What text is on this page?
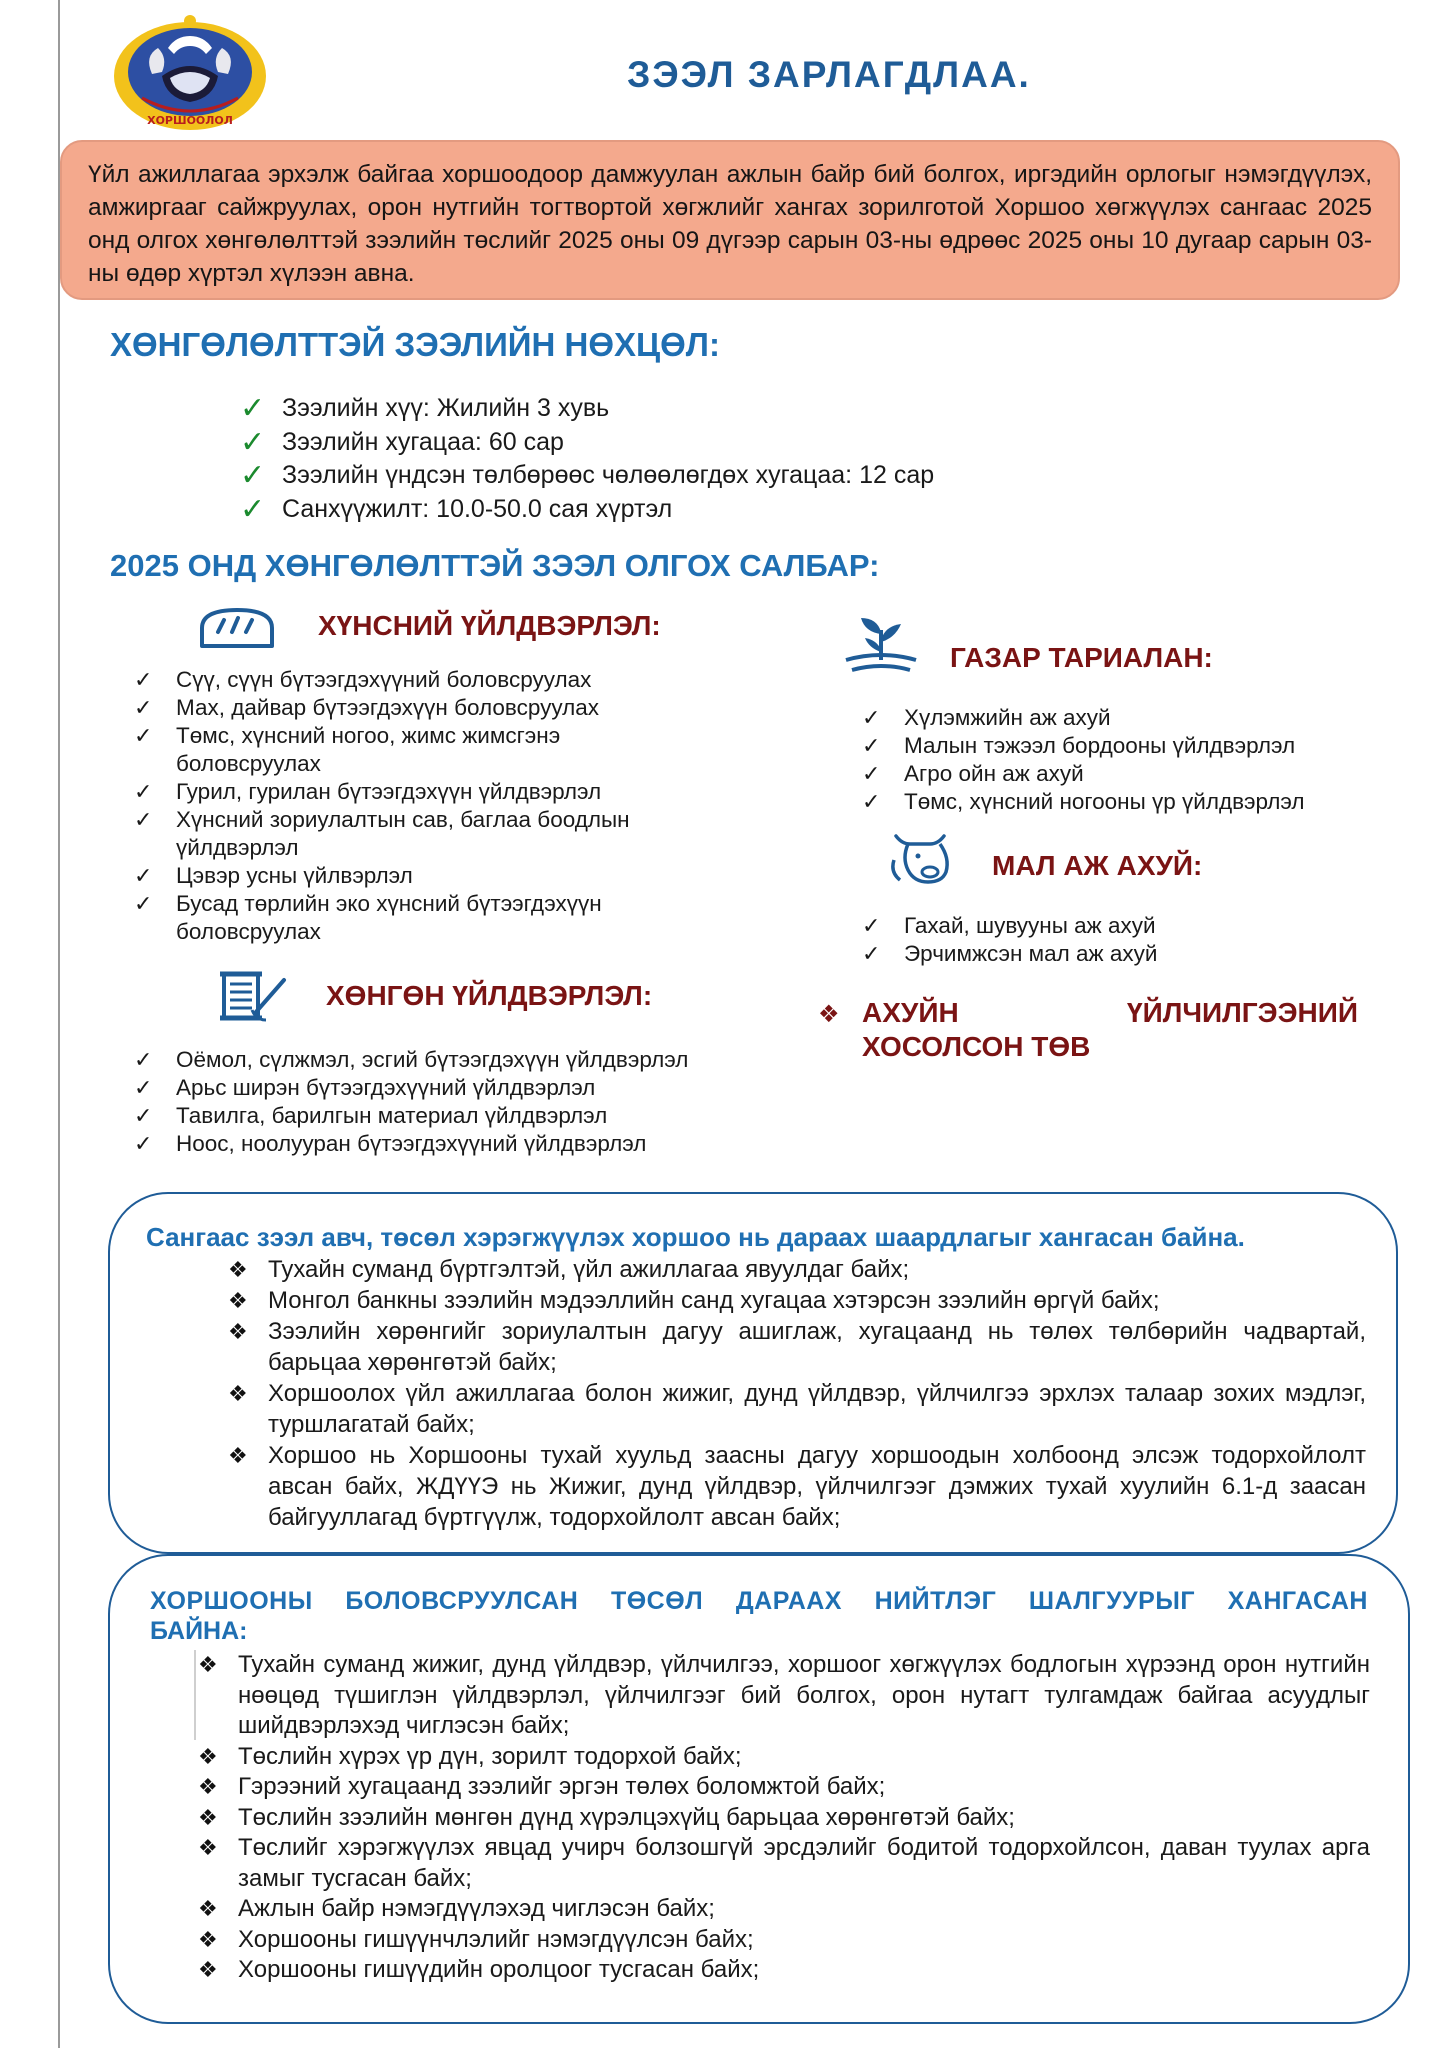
ХОРШООЛОЛ
ЗЭЭЛ ЗАРЛАГДЛАА.
Үйл ажиллагаа эрхэлж байгаа хоршоодоор дамжуулан ажлын байр бий болгох, иргэдийн орлогыг нэмэгдүүлэх, амжиргааг сайжруулах, орон нутгийн тогтвортой хөгжлийг хангах зорилготой Хоршоо хөгжүүлэх сангаас 2025 онд олгох хөнгөлөлттэй зээлийн төслийг 2025 оны 09 дүгээр сарын 03-ны өдрөөс 2025 оны 10 дугаар сарын 03-ны өдөр хүртэл хүлээн авна.
ХӨНГӨЛӨЛТТЭЙ ЗЭЭЛИЙН НӨХЦӨЛ:
✓ Зээлийн хүү: Жилийн 3 хувь
✓ Зээлийн хугацаа: 60 сар
✓ Зээлийн үндсэн төлбөрөөс чөлөөлөгдөх хугацаа: 12 сар
✓ Санхүүжилт: 10.0-50.0 сая хүртэл
2025 ОНД ХӨНГӨЛӨЛТТЭЙ ЗЭЭЛ ОЛГОХ САЛБАР:
ХҮНСНИЙ ҮЙЛДВЭРЛЭЛ:
✓ Сүү, сүүн бүтээгдэхүүний боловсруулах
✓ Мах, дайвар бүтээгдэхүүн боловсруулах
✓ Төмс, хүнсний ногоо, жимс жимсгэнэ боловсруулах
✓ Гурил, гурилан бүтээгдэхүүн үйлдвэрлэл
✓ Хүнсний зориулалтын сав, баглаа боодлын үйлдвэрлэл
✓ Цэвэр усны үйлвэрлэл
✓ Бусад төрлийн эко хүнсний бүтээгдэхүүн боловсруулах
ХӨНГӨН ҮЙЛДВЭРЛЭЛ:
✓ Оёмол, сүлжмэл, эсгий бүтээгдэхүүн үйлдвэрлэл
✓ Арьс ширэн бүтээгдэхүүний үйлдвэрлэл
✓ Тавилга, барилгын материал үйлдвэрлэл
✓ Ноос, ноолууран бүтээгдэхүүний үйлдвэрлэл
ГАЗАР ТАРИАЛАН:
✓ Хүлэмжийн аж ахуй
✓ Малын тэжээл бордооны үйлдвэрлэл
✓ Агро ойн аж ахуй
✓ Төмс, хүнсний ногооны үр үйлдвэрлэл
МАЛ АЖ АХУЙ:
✓ Гахай, шувууны аж ахуй
✓ Эрчимжсэн мал аж ахуй
❖ АХУЙН ҮЙЛЧИЛГЭЭНИЙ
ХОСОЛСОН ТӨВ
Сангаас зээл авч, төсөл хэрэгжүүлэх хоршоо нь дараах шаардлагыг хангасан байна.
❖ Тухайн суманд бүртгэлтэй, үйл ажиллагаа явуулдаг байх;
❖ Монгол банкны зээлийн мэдээллийн санд хугацаа хэтэрсэн зээлийн өргүй байх;
❖ Зээлийн хөрөнгийг зориулалтын дагуу ашиглаж, хугацаанд нь төлөх төлбөрийн чадвартай, барьцаа хөрөнгөтэй байх;
❖ Хоршоолох үйл ажиллагаа болон жижиг, дунд үйлдвэр, үйлчилгээ эрхлэх талаар зохих мэдлэг, туршлагатай байх;
❖ Хоршоо нь Хоршооны тухай хуульд заасны дагуу хоршоодын холбоонд элсэж тодорхойлолт авсан байх, ЖДҮҮЭ нь Жижиг, дунд үйлдвэр, үйлчилгээг дэмжих тухай хуулийн 6.1-д заасан байгууллагад бүртгүүлж, тодорхойлолт авсан байх;
ХОРШООНЫ БОЛОВСРУУЛСАН ТӨСӨЛ ДАРААХ НИЙТЛЭГ ШАЛГУУРЫГ ХАНГАСАН
БАЙНА:
❖ Тухайн суманд жижиг, дунд үйлдвэр, үйлчилгээ, хоршоог хөгжүүлэх бодлогын хүрээнд орон нутгийн нөөцөд түшиглэн үйлдвэрлэл, үйлчилгээг бий болгох, орон нутагт тулгамдаж байгаа асуудлыг шийдвэрлэхэд чиглэсэн байх;
❖ Төслийн хүрэх үр дүн, зорилт тодорхой байх;
❖ Гэрээний хугацаанд зээлийг эргэн төлөх боломжтой байх;
❖ Төслийн зээлийн мөнгөн дүнд хүрэлцэхүйц барьцаа хөрөнгөтэй байх;
❖ Төслийг хэрэгжүүлэх явцад учирч болзошгүй эрсдэлийг бодитой тодорхойлсон, даван туулах арга замыг тусгасан байх;
❖ Ажлын байр нэмэгдүүлэхэд чиглэсэн байх;
❖ Хоршооны гишүүнчлэлийг нэмэгдүүлсэн байх;
❖ Хоршооны гишүүдийн оролцоог тусгасан байх;
